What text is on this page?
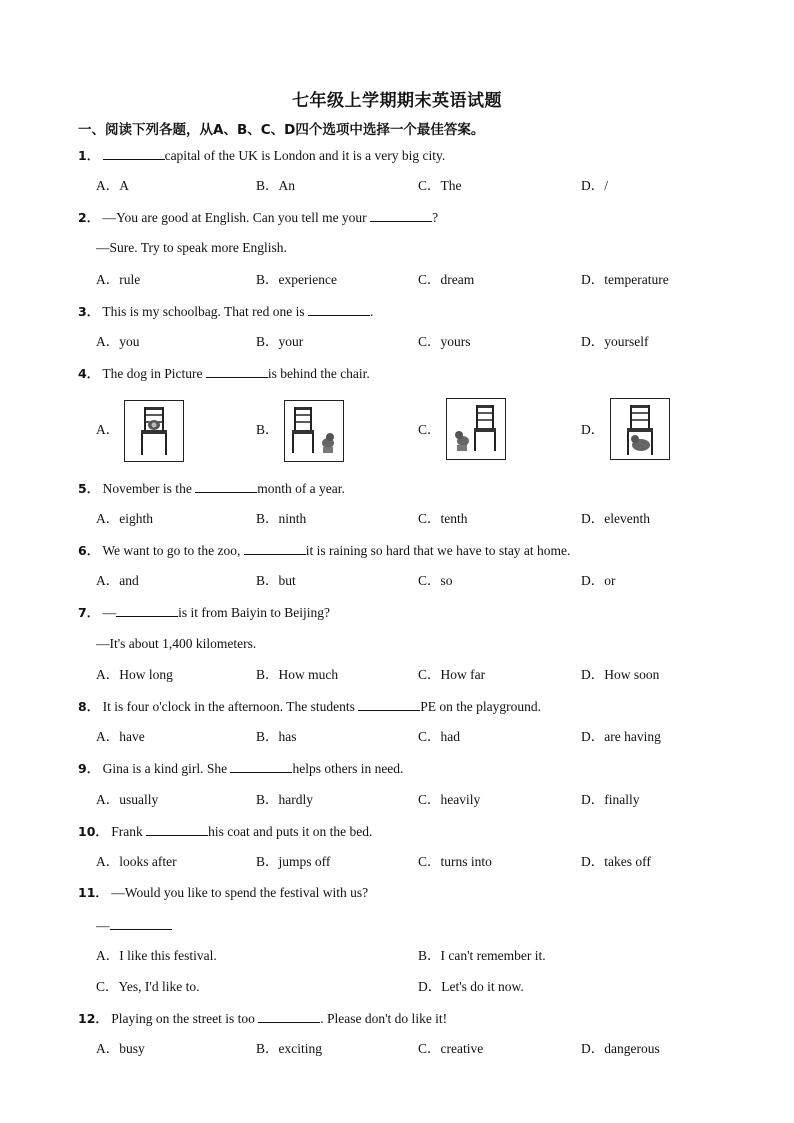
七年级上学期期末英语试题
一、阅读下列各题，从A、B、C、D四个选项中选择一个最佳答案。
1．	capital of the UK is London and it is a very big city.
A．A	B．An	C．The	D．/
2． —You are good at English. Can you tell me your	?
—Sure. Try to speak more English.
A．rule	B．experience	C．dream	D．temperature
3． This is my schoolbag. That red one is	.
A．you	B．your	C．yours	D．yourself
4． The dog in Picture	is behind the chair.
A．	B．	C．	D．
5． November is the	month of a year.
A．eighth	B．ninth	C．tenth	D．eleventh
6． We want to go to the zoo,	it is raining so hard that we have to stay at home.
A．and	B．but	C．so	D．or
7． —	is it from Baiyin to Beijing?
—It's about 1,400 kilometers.
A．How long	B．How much	C．How far	D．How soon
8． It is four o'clock in the afternoon. The students	PE on the playground.
A．have	B．has	C．had	D．are having
9． Gina is a kind girl. She	helps others in need.
A．usually	B．hardly	C．heavily	D．finally
10． Frank	his coat and puts it on the bed.
A．looks after	B．jumps off	C．turns into	D．takes off
11． —Would you like to spend the festival with us?
—
A．I like this festival.	B．I can't remember it.
C．Yes, I'd like to.	D．Let's do it now.
12． Playing on the street is too	. Please don't do like it!
A．busy	B．exciting	C．creative	D．dangerous
